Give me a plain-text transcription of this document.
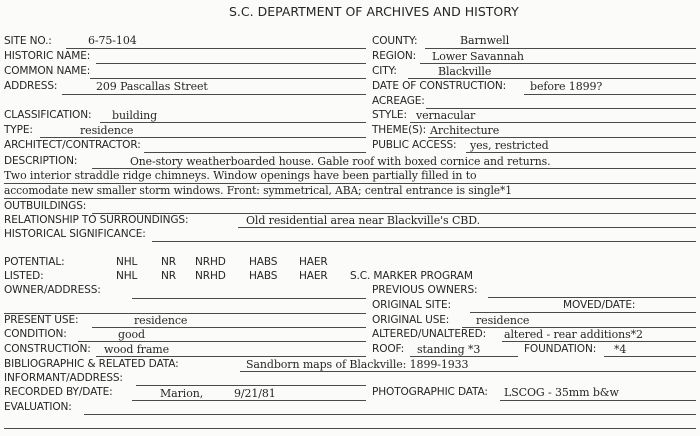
S.C. DEPARTMENT OF ARCHIVES AND HISTORY
SITE NO.:	6-75-104
HISTORIC NAME:
COMMON NAME:
ADDRESS:	209 Pascallas Street
CLASSIFICATION: building
TYPE:	residence
ARCHITECT/CONTRACTOR:
COUNTY:	Barnwell
REGION: Lower Savannah
CITY:	Blackville
DATE OF CONSTRUCTION: before 1899?
ACREAGE:
STYLE: vernacular
THEME(S): Architecture
PUBLIC ACCESS: yes, restricted
DESCRIPTION:	One-story weatherboarded house. Gable roof with boxed cornice and returns.
Two interior straddle ridge chimneys. Window openings have been partially filled in to
accomodate new smaller storm windows. Front: symmetrical, ABA; central entrance is single*1
OUTBUILDINGS:
RELATIONSHIP TO SURROUNDINGS:	Old residential area near Blackville's CBD.
HISTORICAL SIGNIFICANCE:
POTENTIAL:	NHL NR NRHD HABS HAER
LISTED:	NHL NR NRHD HABS HAER S.C. MARKER PROGRAM
OWNER/ADDRESS:	PREVIOUS OWNERS:
ORIGINAL SITE:	MOVED/DATE:
PRESENT USE:	residence	ORIGINAL USE: residence
CONDITION:	good	ALTERED/UNALTERED: altered - rear additions*2
CONSTRUCTION: wood frame	ROOF: standing *3	FOUNDATION: *4
BIBLIOGRAPHIC & RELATED DATA:	Sandborn maps of Blackville: 1899-1933
INFORMANT/ADDRESS:
RECORDED BY/DATE:	Marion,	9/21/81	PHOTOGRAPHIC DATA: LSCOG - 35mm b&w
EVALUATION:
